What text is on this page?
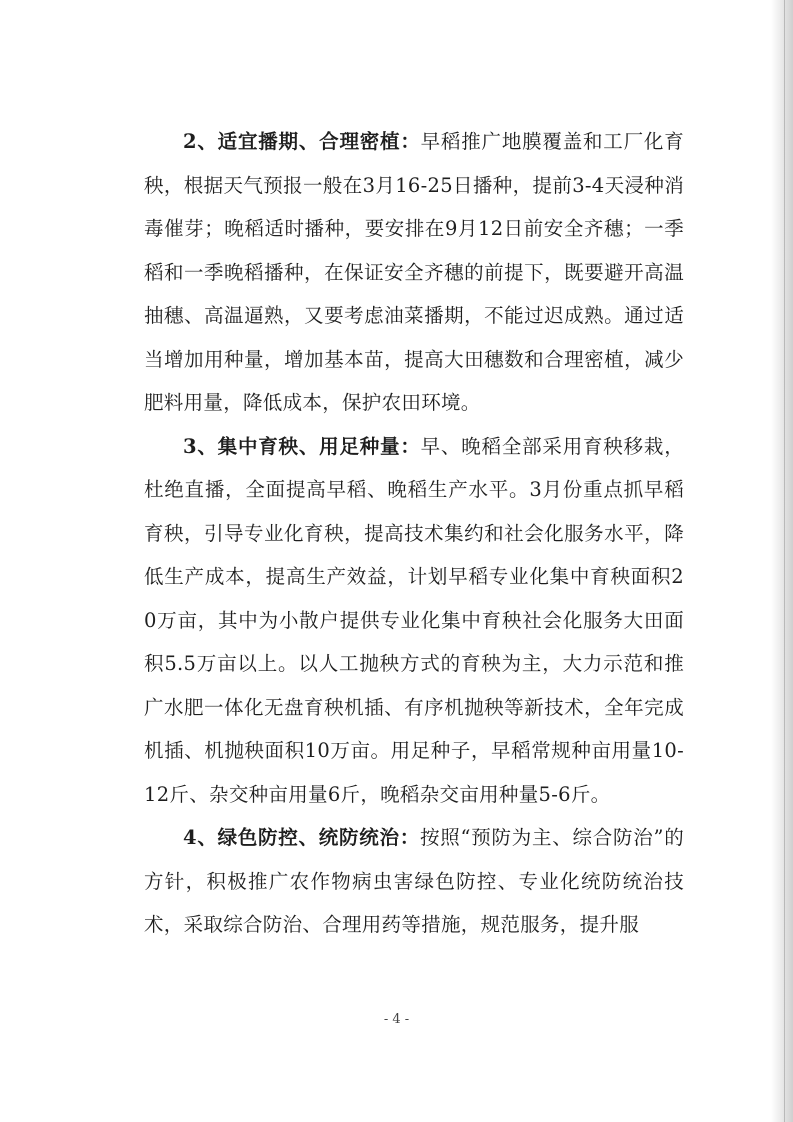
2、适宜播期、合理密植：早稻推广地膜覆盖和工厂化育秧，根据天气预报一般在3月16-25日播种，提前3-4天浸种消毒催芽；晚稻适时播种，要安排在9月12日前安全齐穗；一季稻和一季晚稻播种，在保证安全齐穗的前提下，既要避开高温抽穗、高温逼熟，又要考虑油菜播期，不能过迟成熟。通过适当增加用种量，增加基本苗，提高大田穗数和合理密植，减少肥料用量，降低成本，保护农田环境。

3、集中育秧、用足种量：早、晚稻全部采用育秧移栽，杜绝直播，全面提高早稻、晚稻生产水平。3月份重点抓早稻育秧，引导专业化育秧，提高技术集约和社会化服务水平，降低生产成本，提高生产效益，计划早稻专业化集中育秧面积20万亩，其中为小散户提供专业化集中育秧社会化服务大田面积5.5万亩以上。以人工抛秧方式的育秧为主，大力示范和推广水肥一体化无盘育秧机插、有序机抛秧等新技术，全年完成机插、机抛秧面积10万亩。用足种子，早稻常规种亩用量10-12斤、杂交种亩用量6斤，晚稻杂交亩用种量5-6斤。

4、绿色防控、统防统治：按照“预防为主、综合防治”的方针，积极推广农作物病虫害绿色防控、专业化统防统治技术，采取综合防治、合理用药等措施，规范服务，提升服

- 4 -
